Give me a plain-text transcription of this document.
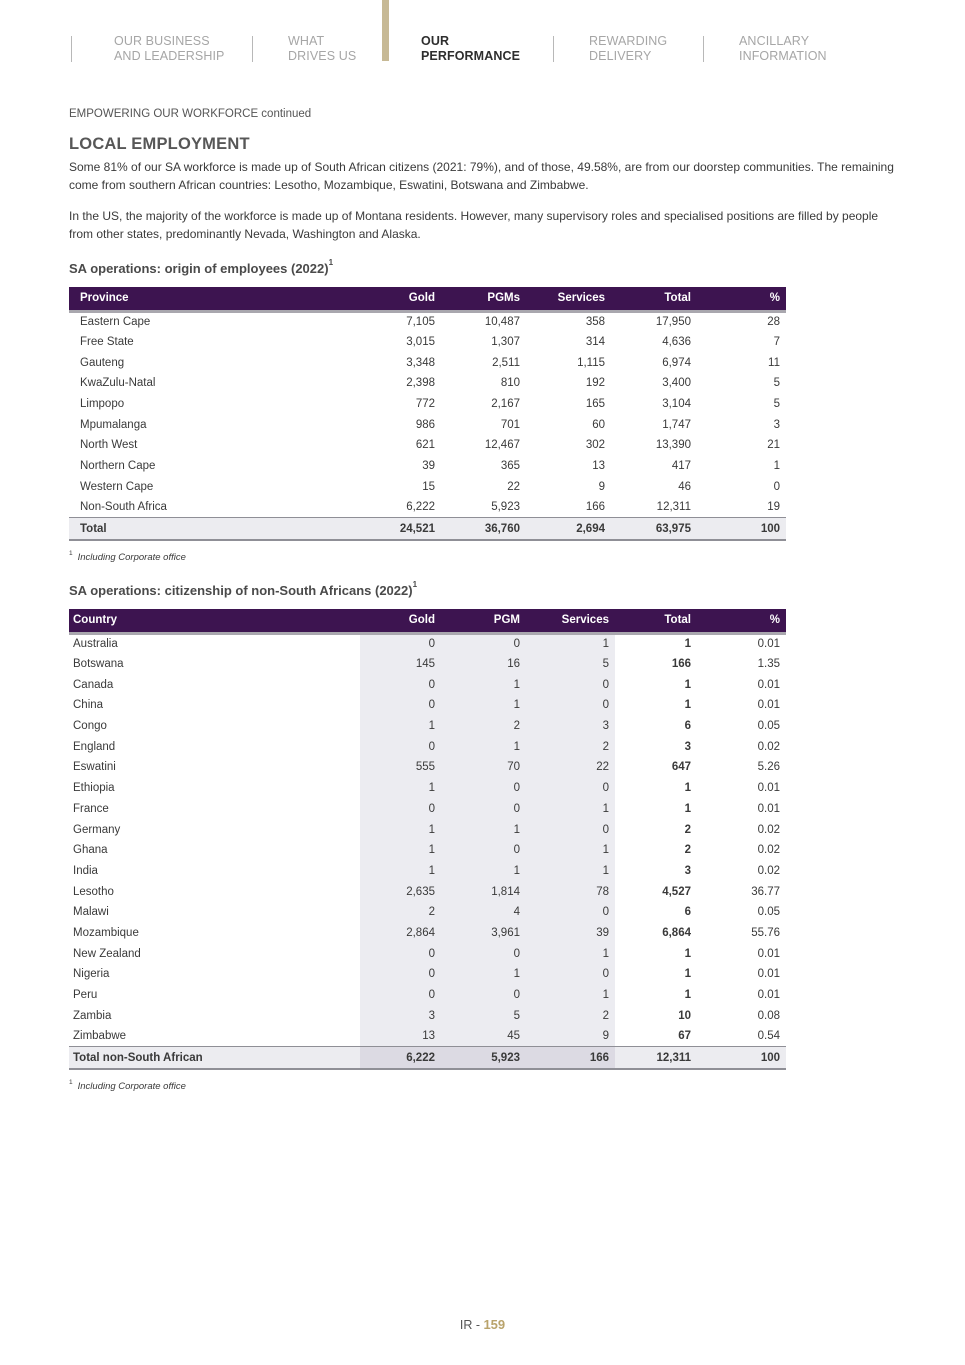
OUR BUSINESS
AND LEADERSHIP
WHAT
DRIVES US
OUR
PERFORMANCE
REWARDING
DELIVERY
ANCILLARY
INFORMATION
EMPOWERING OUR WORKFORCE continued
LOCAL EMPLOYMENT

Some 81% of our SA workforce is made up of South African citizens (2021: 79%), and of those, 49.58%, are from our doorstep communities. The remaining come from southern African countries: Lesotho, Mozambique, Eswatini, Botswana and Zimbabwe.

In the US, the majority of the workforce is made up of Montana residents. However, many supervisory roles and specialised positions are filled by people from other states, predominantly Nevada, Washington and Alaska.

SA operations: origin of employees $(2022)^1$
Province	Gold	PGMs	Services	Total	%
Eastern Cape	7,105	10,487	358	17,950	28
Free State	3,015	1,307	314	4,636	7
Gauteng	3,348	2,511	1,115	6,974	11
KwaZulu-Natal	2,398	810	192	3,400	5
Limpopo	772	2,167	165	3,104	5
Mpumalanga	986	701	60	1,747	3
North West	621	12,467	302	13,390	21
Northern Cape	39	365	13	417	1
Western Cape	15	22	9	46	0
Non-South Africa	6,222	5,923	166	12,311	19
Total	24,521	36,760	2,694	63,975	100
$^1$ Including Corporate office
SA operations: citizenship of non-South Africans $(2022)^1$
Country	Gold	PGM	Services	Total	%
Australia	0	0	1	1	0.01
Botswana	145	16	5	166	1.35
Canada	0	1	0	1	0.01
China	0	1	0	1	0.01
Congo	1	2	3	6	0.05
England	0	1	2	3	0.02
Eswatini	555	70	22	647	5.26
Ethiopia	1	0	0	1	0.01
France	0	0	1	1	0.01
Germany	1	1	0	2	0.02
Ghana	1	0	1	2	0.02
India	1	1	1	3	0.02
Lesotho	2,635	1,814	78	4,527	36.77
Malawi	2	4	0	6	0.05
Mozambique	2,864	3,961	39	6,864	55.76
New Zealand	0	0	1	1	0.01
Nigeria	0	1	0	1	0.01
Peru	0	0	1	1	0.01
Zambia	3	5	2	10	0.08
Zimbabwe	13	45	9	67	0.54
Total non-South African	6,222	5,923	166	12,311	100
$^1$ Including Corporate office
IR - 159
